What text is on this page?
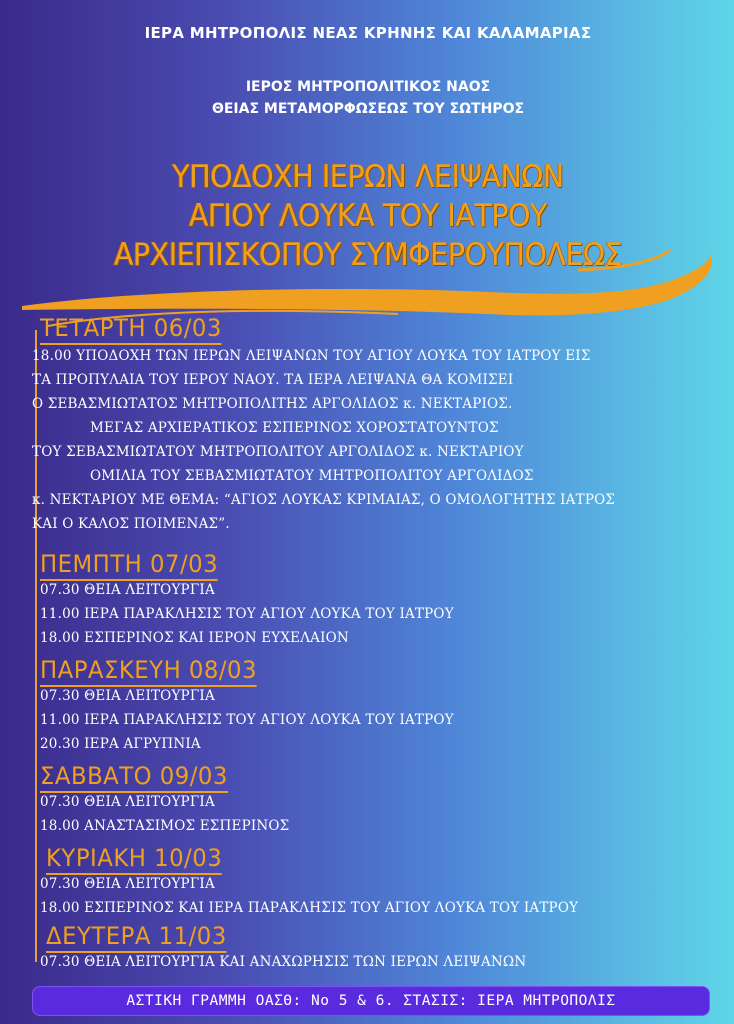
ΙΕΡΑ ΜΗΤΡΟΠΟΛΙΣ ΝΕΑΣ ΚΡΗΝΗΣ ΚΑΙ ΚΑΛΑΜΑΡΙΑΣ
ΙΕΡΟΣ ΜΗΤΡΟΠΟΛΙΤΙΚΟΣ ΝΑΟΣ
ΘΕΙΑΣ ΜΕΤΑΜΟΡΦΩΣΕΩΣ ΤΟΥ ΣΩΤΗΡΟΣ
ΥΠΟΔΟΧΗ ΙΕΡΩΝ ΛΕΙΨΑΝΩΝ
ΑΓΙΟΥ ΛΟΥΚΑ ΤΟΥ ΙΑΤΡΟΥ
ΑΡΧΙΕΠΙΣΚΟΠΟΥ ΣΥΜΦΕΡΟΥΠΟΛΕΩΣ
ΤΕΤΑΡΤΗ 06/03
18.00 ΥΠΟΔΟΧΗ ΤΩΝ ΙΕΡΩΝ ΛΕΙΨΑΝΩΝ ΤΟΥ ΑΓΙΟΥ ΛΟΥΚΑ ΤΟΥ ΙΑΤΡΟΥ ΕΙΣ
ΤΑ ΠΡΟΠΥΛΑΙΑ ΤΟΥ ΙΕΡΟΥ ΝΑΟΥ. ΤΑ ΙΕΡΑ ΛΕΙΨΑΝΑ ΘΑ ΚΟΜΙΣΕΙ
Ο ΣΕΒΑΣΜΙΩΤΑΤΟΣ ΜΗΤΡΟΠΟΛΙΤΗΣ ΑΡΓΟΛΙΔΟΣ κ. ΝΕΚΤΑΡΙΟΣ.
ΜΕΓΑΣ ΑΡΧΙΕΡΑΤΙΚΟΣ ΕΣΠΕΡΙΝΟΣ ΧΟΡΟΣΤΑΤΟΥΝΤΟΣ
ΤΟΥ ΣΕΒΑΣΜΙΩΤΑΤΟΥ ΜΗΤΡΟΠΟΛΙΤΟΥ ΑΡΓΟΛΙΔΟΣ κ. ΝΕΚΤΑΡΙΟΥ
ΟΜΙΛΙΑ ΤΟΥ ΣΕΒΑΣΜΙΩΤΑΤΟΥ ΜΗΤΡΟΠΟΛΙΤΟΥ ΑΡΓΟΛΙΔΟΣ
κ. ΝΕΚΤΑΡΙΟΥ ΜΕ ΘΕΜΑ: “ΑΓΙΟΣ ΛΟΥΚΑΣ ΚΡΙΜΑΙΑΣ, Ο ΟΜΟΛΟΓΗΤΗΣ ΙΑΤΡΟΣ
ΚΑΙ Ο ΚΑΛΟΣ ΠΟΙΜΕΝΑΣ”.
ΠΕΜΠΤΗ 07/03
07.30 ΘΕΙΑ ΛΕΙΤΟΥΡΓΙΑ
11.00 ΙΕΡΑ ΠΑΡΑΚΛΗΣΙΣ ΤΟΥ ΑΓΙΟΥ ΛΟΥΚΑ ΤΟΥ ΙΑΤΡΟΥ
18.00 ΕΣΠΕΡΙΝΟΣ ΚΑΙ ΙΕΡΟΝ ΕΥΧΕΛΑΙΟΝ
ΠΑΡΑΣΚΕΥΗ 08/03
07.30 ΘΕΙΑ ΛΕΙΤΟΥΡΓΙΑ
11.00 ΙΕΡΑ ΠΑΡΑΚΛΗΣΙΣ ΤΟΥ ΑΓΙΟΥ ΛΟΥΚΑ ΤΟΥ ΙΑΤΡΟΥ
20.30 ΙΕΡΑ ΑΓΡΥΠΝΙΑ
ΣΑΒΒΑΤΟ 09/03
07.30 ΘΕΙΑ ΛΕΙΤΟΥΡΓΙΑ
18.00 ΑΝΑΣΤΑΣΙΜΟΣ ΕΣΠΕΡΙΝΟΣ
ΚΥΡΙΑΚΗ 10/03
07.30 ΘΕΙΑ ΛΕΙΤΟΥΡΓΙΑ
18.00 ΕΣΠΕΡΙΝΟΣ ΚΑΙ ΙΕΡΑ ΠΑΡΑΚΛΗΣΙΣ ΤΟΥ ΑΓΙΟΥ ΛΟΥΚΑ ΤΟΥ ΙΑΤΡΟΥ
ΔΕΥΤΕΡΑ 11/03
07.30 ΘΕΙΑ ΛΕΙΤΟΥΡΓΙΑ ΚΑΙ ΑΝΑΧΩΡΗΣΙΣ ΤΩΝ ΙΕΡΩΝ ΛΕΙΨΑΝΩΝ
ΑΣΤΙΚΗ ΓΡΑΜΜΗ ΟΑΣΘ: Νο 5 & 6. ΣΤΑΣΙΣ: ΙΕΡΑ ΜΗΤΡΟΠΟΛΙΣ
